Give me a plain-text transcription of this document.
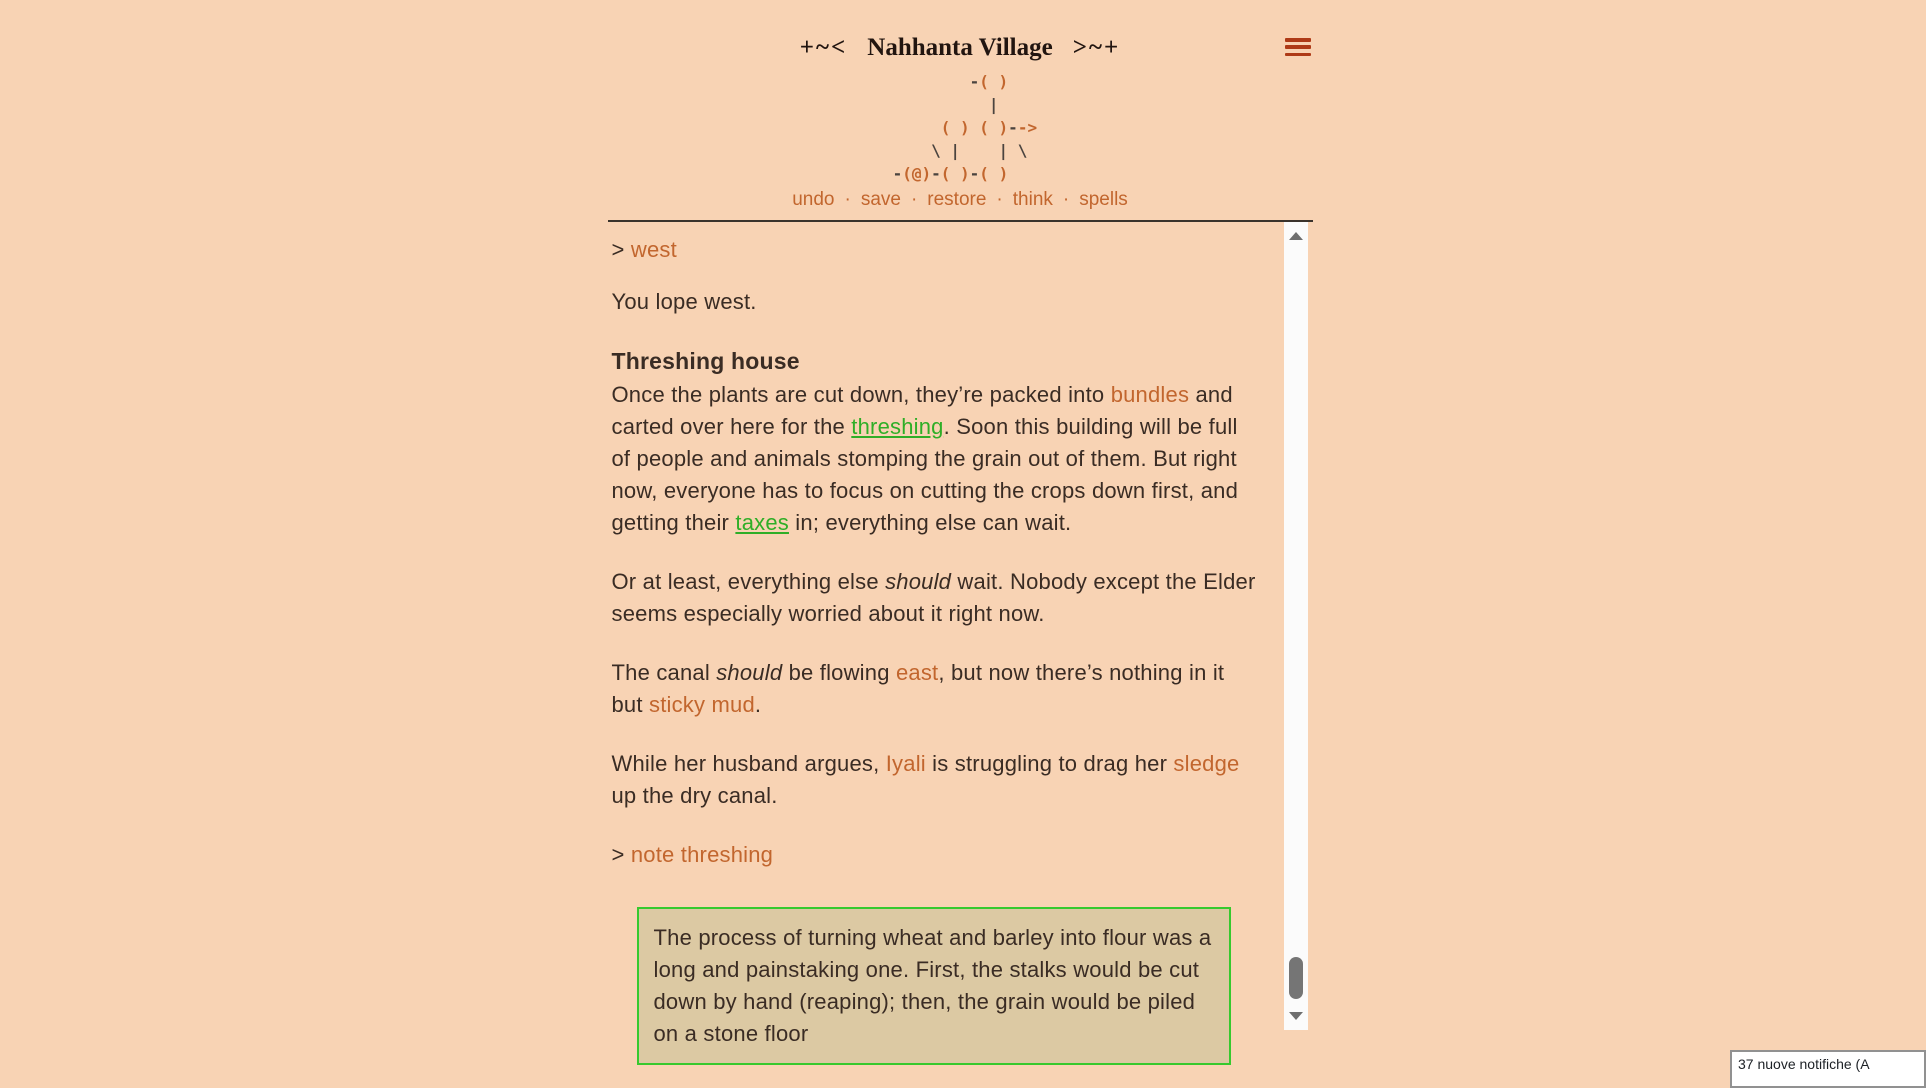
+~< Nahhanta Village >~+
-( )
|
( ) ( )-->
\ |    | \
-(@)-( )-( )
undo · save · restore · think · spells
> west

You lope west.

Threshing house

Once the plants are cut down, they’re packed into bundles and carted over here for the threshing. Soon this building will be full of people and animals stomping the grain out of them. But right now, everyone has to focus on cutting the crops down first, and getting their taxes in; everything else can wait.

Or at least, everything else should wait. Nobody except the Elder seems especially worried about it right now.

The canal should be flowing east, but now there’s nothing in it but sticky mud.

While her husband argues, Iyali is struggling to drag her sledge up the dry canal.

> note threshing
The process of turning wheat and barley into flour was a long and painstaking one. First, the stalks would be cut down by hand (reaping); then, the grain would be piled on a stone floor
37 nuove notifiche (A
